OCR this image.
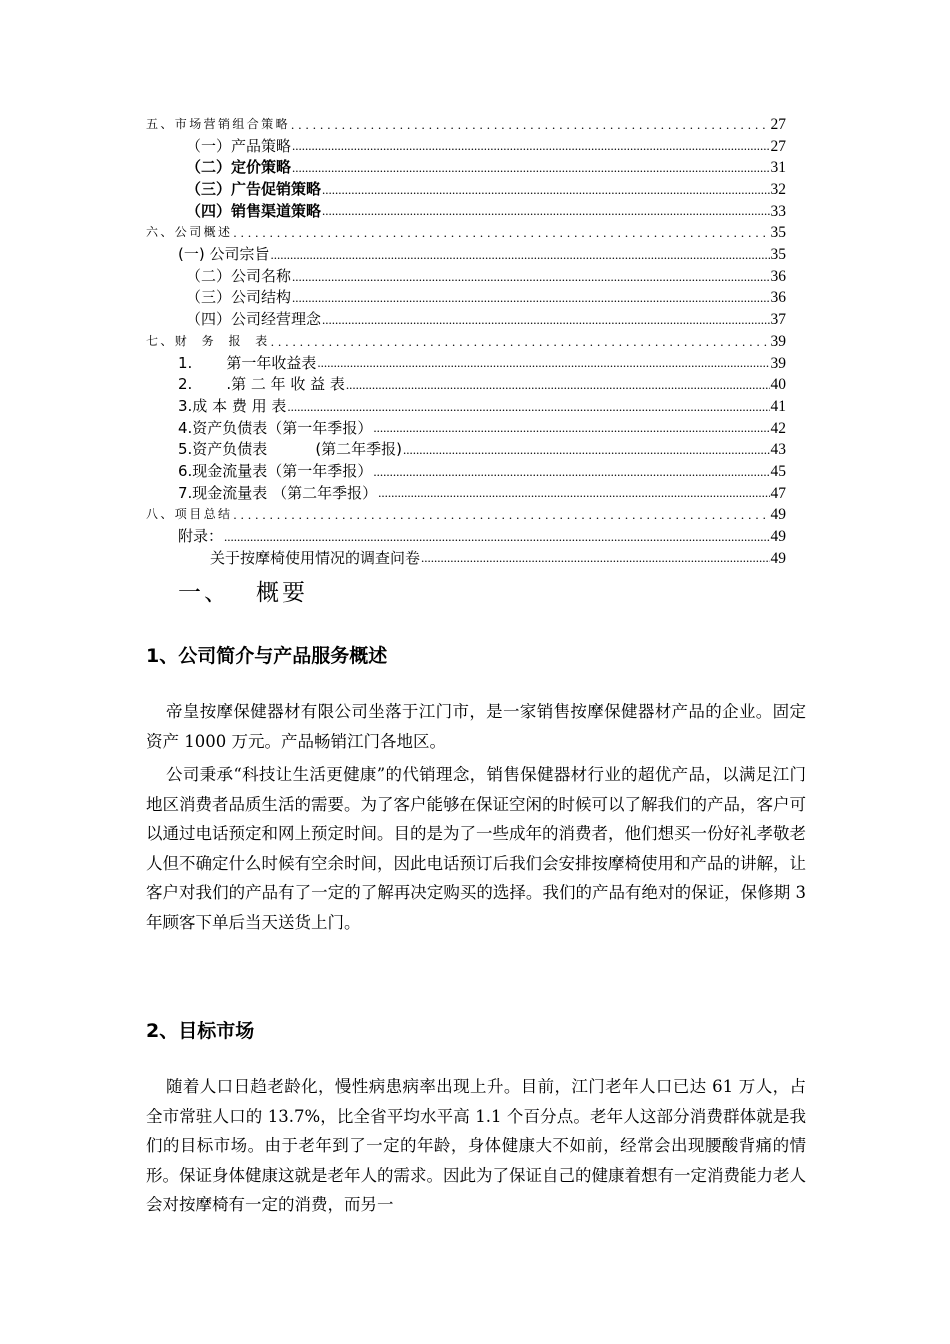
五、市场营销组合策略 .....	27
（一）产品策略 .....	27
（二）定价策略 .....	31
（三）广告促销策略 .....	32
（四）销售渠道策略 .....	33
六、公司概述 .....	35
(一) 公司宗旨 .....	35
（二）公司名称 .....	36
（三）公司结构 .....	36
（四）公司经营理念 .....	37
七、财  务  报  表 .....	39
1. 第一年收益表 .....	39
2. .第 二 年 收 益 表 .....	40
3.成 本 费 用 表 .....	41
4.资产负债表（第一年季报） .....	42
5.资产负债表	(第二年季报) .....	43
6.现金流量表（第一年季报） .....	45
7.现金流量表 （第二年季报） .....	47
八、项目总结 .....	49
附录： .....	49
关于按摩椅使用情况的调查问卷 .....	49
一、 概要
1、公司简介与产品服务概述

帝皇按摩保健器材有限公司坐落于江门市，是一家销售按摩保健器材产品的企业。固定资产 1000 万元。产品畅销江门各地区。

公司秉承“科技让生活更健康”的代销理念，销售保健器材行业的超优产品，以满足江门地区消费者品质生活的需要。为了客户能够在保证空闲的时候可以了解我们的产品，客户可以通过电话预定和网上预定时间。目的是为了一些成年的消费者，他们想买一份好礼孝敬老人但不确定什么时候有空余时间，因此电话预订后我们会安排按摩椅使用和产品的讲解，让客户对我们的产品有了一定的了解再决定购买的选择。我们的产品有绝对的保证，保修期 3 年顾客下单后当天送货上门。

2、目标市场

随着人口日趋老龄化，慢性病患病率出现上升。目前，江门老年人口已达 61 万人，占全市常驻人口的 13.7%，比全省平均水平高 1.1 个百分点。老年人这部分消费群体就是我们的目标市场。由于老年到了一定的年龄，身体健康大不如前，经常会出现腰酸背痛的情形。保证身体健康这就是老年人的需求。因此为了保证自己的健康着想有一定消费能力老人会对按摩椅有一定的消费，而另一
